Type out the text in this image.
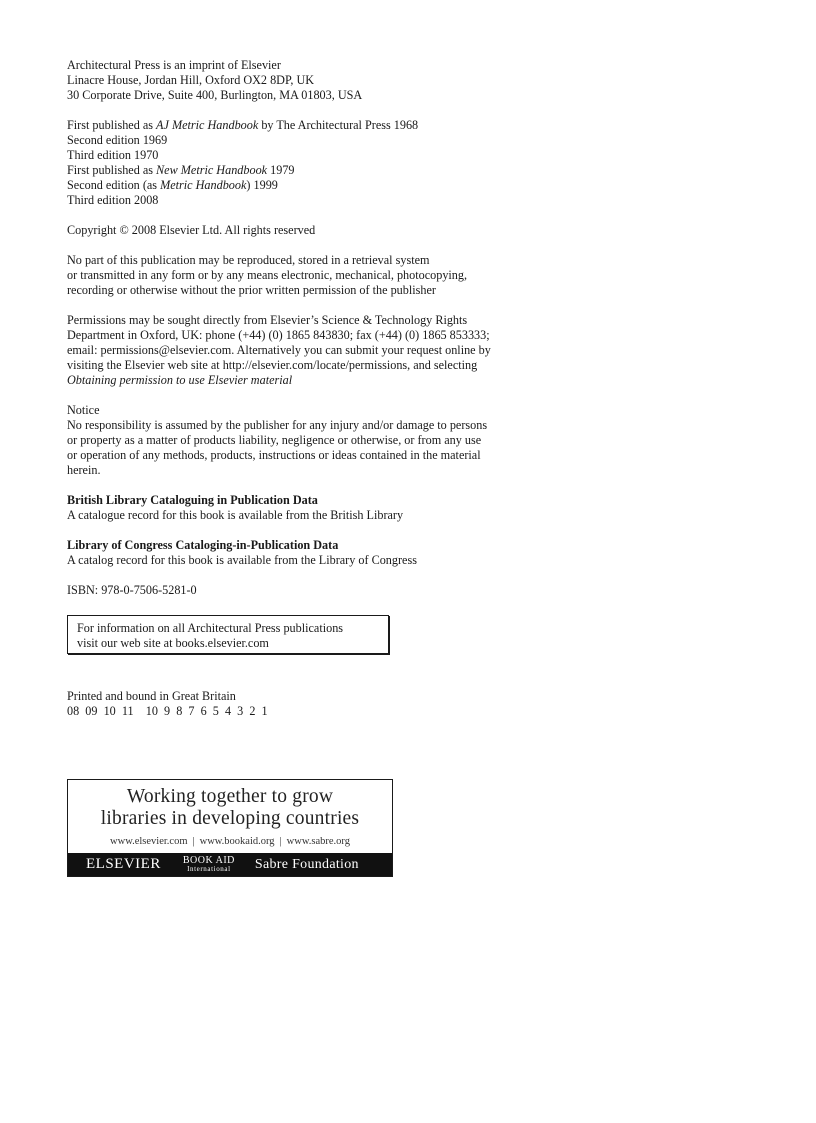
Architectural Press is an imprint of Elsevier
Linacre House, Jordan Hill, Oxford OX2 8DP, UK
30 Corporate Drive, Suite 400, Burlington, MA 01803, USA

First published as AJ Metric Handbook by The Architectural Press 1968
Second edition 1969
Third edition 1970
First published as New Metric Handbook 1979
Second edition (as Metric Handbook) 1999
Third edition 2008

Copyright © 2008 Elsevier Ltd. All rights reserved

No part of this publication may be reproduced, stored in a retrieval system
or transmitted in any form or by any means electronic, mechanical, photocopying,
recording or otherwise without the prior written permission of the publisher

Permissions may be sought directly from Elsevier’s Science & Technology Rights
Department in Oxford, UK: phone (+44) (0) 1865 843830; fax (+44) (0) 1865 853333;
email: permissions@elsevier.com. Alternatively you can submit your request online by
visiting the Elsevier web site at http://elsevier.com/locate/permissions, and selecting
Obtaining permission to use Elsevier material

Notice
No responsibility is assumed by the publisher for any injury and/or damage to persons
or property as a matter of products liability, negligence or otherwise, or from any use
or operation of any methods, products, instructions or ideas contained in the material
herein.

British Library Cataloguing in Publication Data
A catalogue record for this book is available from the British Library

Library of Congress Cataloging-in-Publication Data
A catalog record for this book is available from the Library of Congress

ISBN: 978-0-7506-5281-0

For information on all Architectural Press publications
visit our web site at books.elsevier.com
Printed and bound in Great Britain
08  09  10  11    10  9  8  7  6  5  4  3  2  1
Working together to grow
libraries in developing countries
www.elsevier.com | www.bookaid.org | www.sabre.org
ELSEVIER BOOK AID
International Sabre Foundation
